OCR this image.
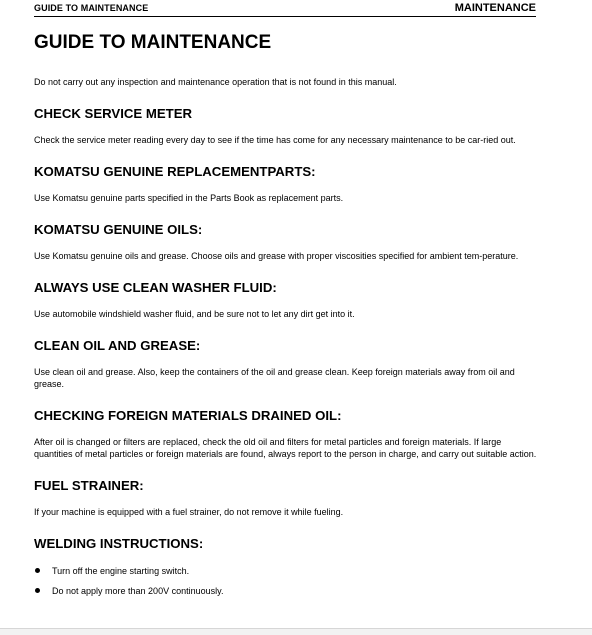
GUIDE TO MAINTENANCE	MAINTENANCE
GUIDE TO MAINTENANCE

Do not carry out any inspection and maintenance operation that is not found in this manual.

CHECK SERVICE METER

Check the service meter reading every day to see if the time has come for any necessary maintenance to be car-ried out.

KOMATSU GENUINE REPLACEMENTPARTS:

Use Komatsu genuine parts specified in the Parts Book as replacement parts.

KOMATSU GENUINE OILS:

Use Komatsu genuine oils and grease. Choose oils and grease with proper viscosities specified for ambient tem-perature.

ALWAYS USE CLEAN WASHER FLUID:

Use automobile windshield washer fluid, and be sure not to let any dirt get into it.

CLEAN OIL AND GREASE:

Use clean oil and grease. Also, keep the containers of the oil and grease clean. Keep foreign materials away from oil and grease.

CHECKING FOREIGN MATERIALS DRAINED OIL:

After oil is changed or filters are replaced, check the old oil and filters for metal particles and foreign materials. If large quantities of metal particles or foreign materials are found, always report to the person in charge, and carry out suitable action.

FUEL STRAINER:

If your machine is equipped with a fuel strainer, do not remove it while fueling.

WELDING INSTRUCTIONS:
Turn off the engine starting switch.
Do not apply more than 200V continuously.
